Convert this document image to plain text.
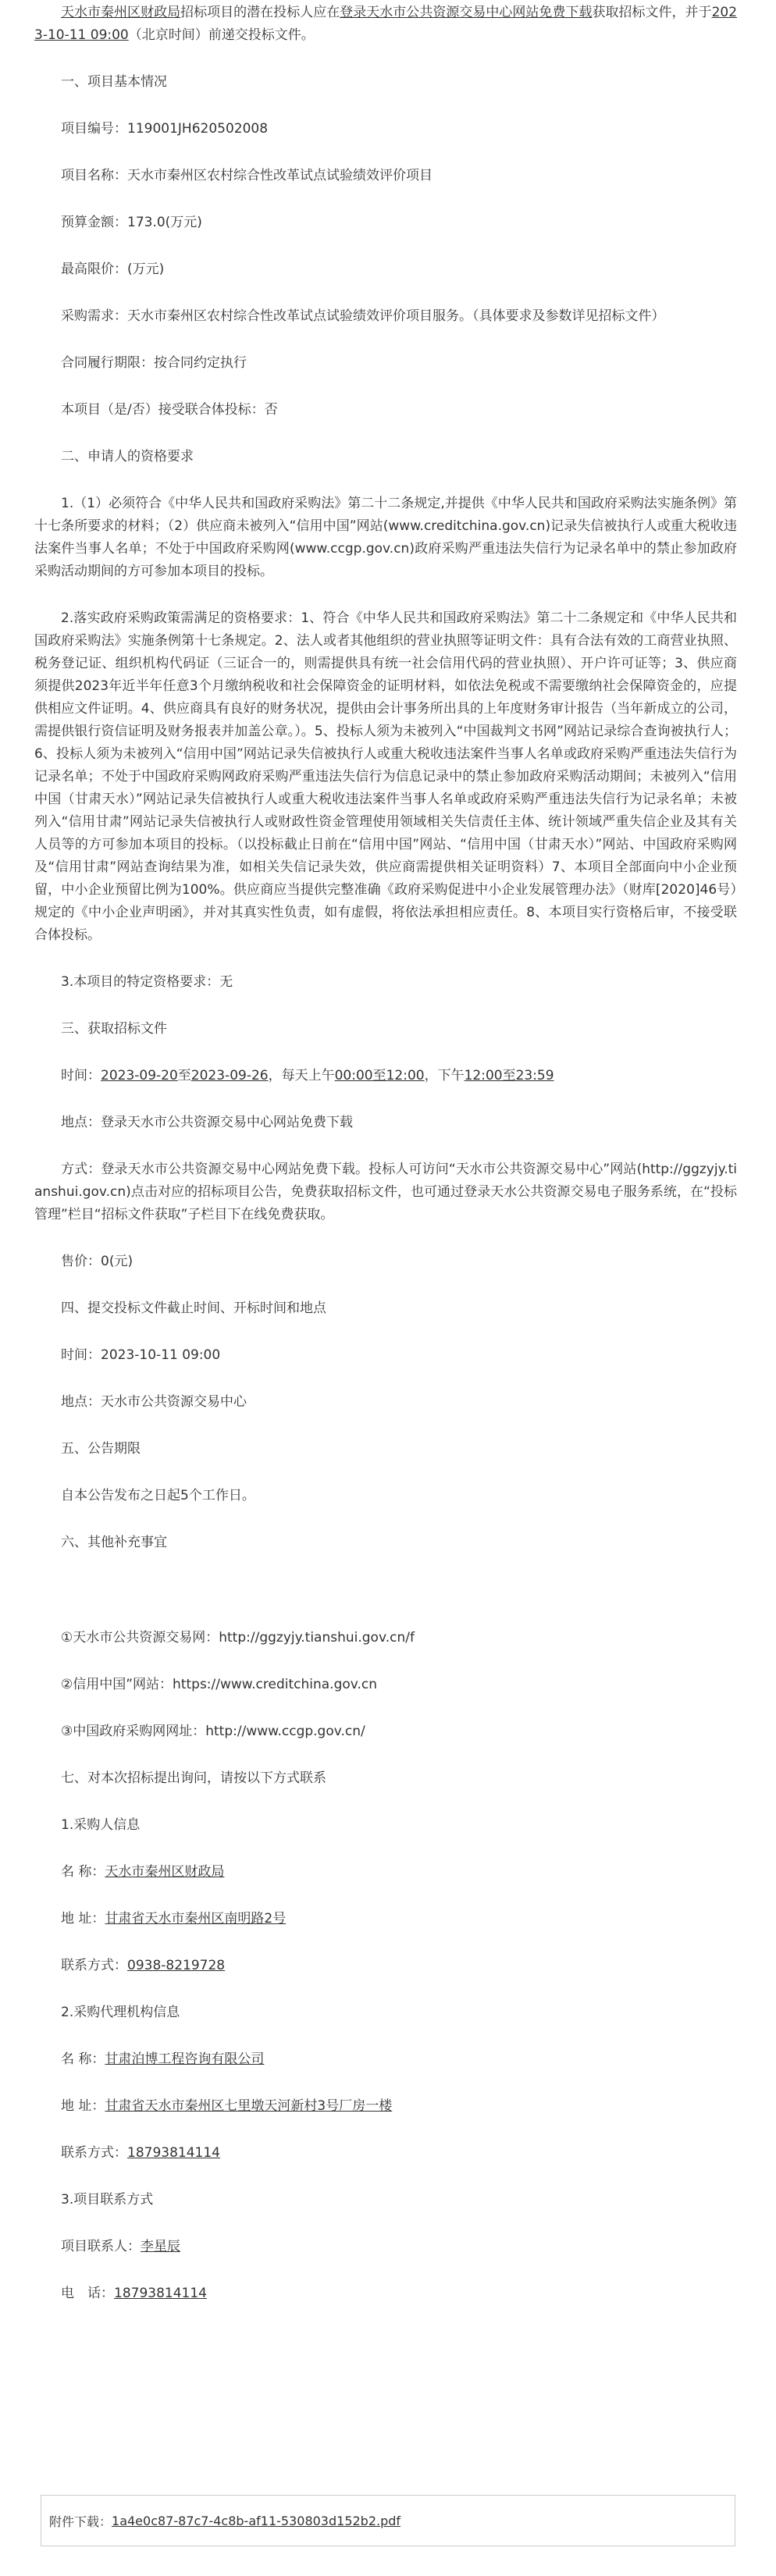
天水市秦州区财政局招标项目的潜在投标人应在登录天水市公共资源交易中心网站免费下载获取招标文件，并于2023-10-11 09:00（北京时间）前递交投标文件。

一、项目基本情况

项目编号：119001JH620502008

项目名称：天水市秦州区农村综合性改革试点试验绩效评价项目

预算金额：173.0(万元)

最高限价：(万元)

采购需求：天水市秦州区农村综合性改革试点试验绩效评价项目服务。（具体要求及参数详见招标文件）

合同履行期限：按合同约定执行

本项目（是/否）接受联合体投标：否

二、申请人的资格要求

1.（1）必须符合《中华人民共和国政府采购法》第二十二条规定,并提供《中华人民共和国政府采购法实施条例》第十七条所要求的材料；（2）供应商未被列入“信用中国”网站(www.creditchina.gov.cn)记录失信被执行人或重大税收违法案件当事人名单；不处于中国政府采购网(www.ccgp.gov.cn)政府采购严重违法失信行为记录名单中的禁止参加政府采购活动期间的方可参加本项目的投标。

2.落实政府采购政策需满足的资格要求：1、符合《中华人民共和国政府采购法》第二十二条规定和《中华人民共和国政府采购法》实施条例第十七条规定。2、法人或者其他组织的营业执照等证明文件：具有合法有效的工商营业执照、税务登记证、组织机构代码证（三证合一的，则需提供具有统一社会信用代码的营业执照）、开户许可证等；3、供应商须提供2023年近半年任意3个月缴纳税收和社会保障资金的证明材料，如依法免税或不需要缴纳社会保障资金的，应提供相应文件证明。4、供应商具有良好的财务状况，提供由会计事务所出具的上年度财务审计报告（当年新成立的公司，需提供银行资信证明及财务报表并加盖公章。）。5、投标人须为未被列入“中国裁判文书网”网站记录综合查询被执行人；6、投标人须为未被列入“信用中国”网站记录失信被执行人或重大税收违法案件当事人名单或政府采购严重违法失信行为记录名单；不处于中国政府采购网政府采购严重违法失信行为信息记录中的禁止参加政府采购活动期间；未被列入“信用中国（甘肃天水）”网站记录失信被执行人或重大税收违法案件当事人名单或政府采购严重违法失信行为记录名单；未被列入“信用甘肃”网站记录失信被执行人或财政性资金管理使用领域相关失信责任主体、统计领域严重失信企业及其有关人员等的方可参加本项目的投标。（以投标截止日前在“信用中国”网站、“信用中国（甘肃天水）”网站、中国政府采购网及“信用甘肃”网站查询结果为准，如相关失信记录失效，供应商需提供相关证明资料）7、本项目全部面向中小企业预留，中小企业预留比例为100%。供应商应当提供完整准确《政府采购促进中小企业发展管理办法》（财库[2020]46号）规定的《中小企业声明函》，并对其真实性负责，如有虚假，将依法承担相应责任。8、本项目实行资格后审，不接受联合体投标。

3.本项目的特定资格要求：无

三、获取招标文件

时间：2023-09-20至2023-09-26，每天上午00:00至12:00，下午12:00至23:59

地点：登录天水市公共资源交易中心网站免费下载

方式：登录天水市公共资源交易中心网站免费下载。投标人可访问“天水市公共资源交易中心”网站(http://ggzyjy.tianshui.gov.cn)点击对应的招标项目公告，免费获取招标文件，也可通过登录天水公共资源交易电子服务系统，在“投标管理”栏目“招标文件获取”子栏目下在线免费获取。

售价：0(元)

四、提交投标文件截止时间、开标时间和地点

时间：2023-10-11 09:00

地点：天水市公共资源交易中心

五、公告期限

自本公告发布之日起5个工作日。

六、其他补充事宜

①天水市公共资源交易网：http://ggzyjy.tianshui.gov.cn/f

②信用中国”网站：https://www.creditchina.gov.cn

③中国政府采购网网址：http://www.ccgp.gov.cn/

七、对本次招标提出询问，请按以下方式联系

1.采购人信息

名 称：天水市秦州区财政局

地 址：甘肃省天水市秦州区南明路2号

联系方式：0938-8219728

2.采购代理机构信息

名 称：甘肃泊博工程咨询有限公司

地 址：甘肃省天水市秦州区七里墩天河新村3号厂房一楼

联系方式：18793814114

3.项目联系方式

项目联系人：李星辰

电　话：18793814114

附件下载： 1a4e0c87-87c7-4c8b-af11-530803d152b2.pdf
